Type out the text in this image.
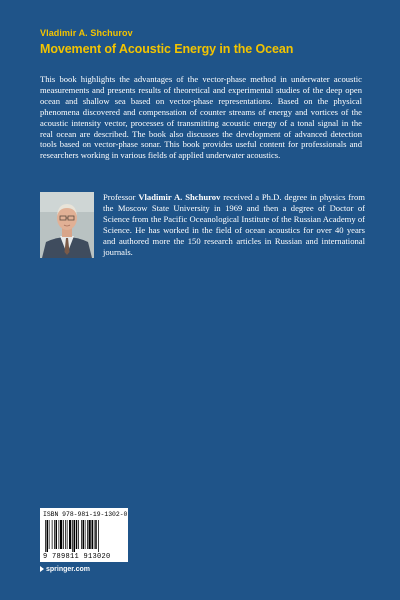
Vladimir A. Shchurov
Movement of Acoustic Energy in the Ocean

This book highlights the advantages of the vector-phase method in underwater acoustic measurements and presents results of theoretical and experimental studies of the deep open ocean and shallow sea based on vector-phase representations. Based on the physical phenomena discovered and compensation of counter streams of energy and vortices of the acoustic intensity vector, processes of transmitting acoustic energy of a tonal signal in the real ocean are described. The book also discusses the development of advanced detection tools based on vector-phase sonar. This book provides useful content for professionals and researchers working in various fields of applied underwater acoustics.

Professor Vladimir A. Shchurov received a Ph.D. degree in physics from the Moscow State University in 1969 and then a degree of Doctor of Science from the Pacific Oceanological Institute of the Russian Academy of Science. He has worked in the field of ocean acoustics for over 40 years and authored more the 150 research articles in Russian and international journals.

ISBN 978-981-19-1302-0
9 789811 913020
springer.com
